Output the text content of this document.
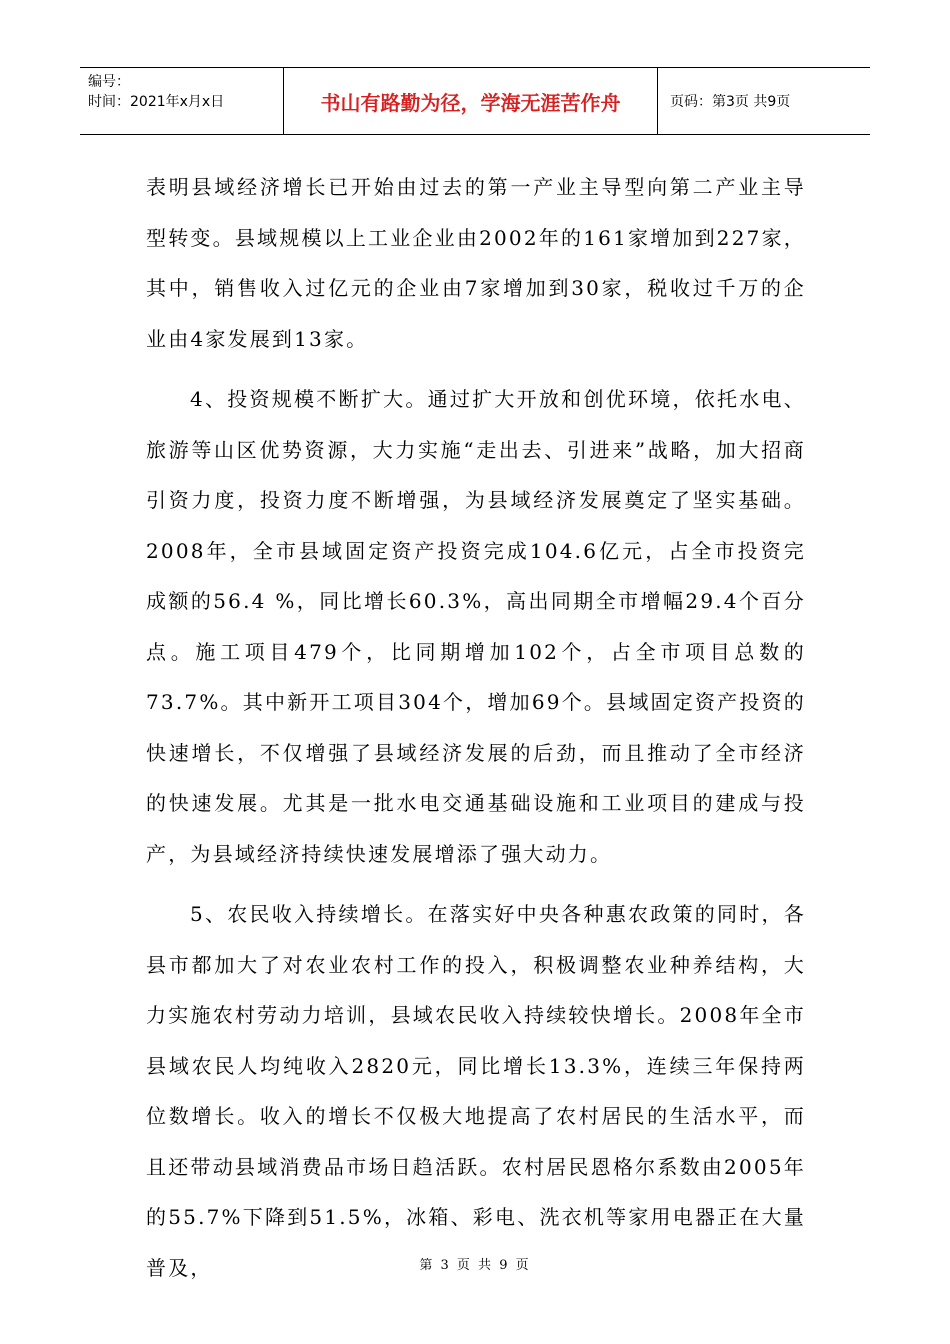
编号：
时间：2021年x月x日	书山有路勤为径，学海无涯苦作舟	页码：第3页 共9页

表明县域经济增长已开始由过去的第一产业主导型向第二产业主导型转变。县域规模以上工业企业由2002年的161家增加到227家，其中，销售收入过亿元的企业由7家增加到30家，税收过千万的企业由4家发展到13家。

4、投资规模不断扩大。通过扩大开放和创优环境，依托水电、旅游等山区优势资源，大力实施“走出去、引进来”战略，加大招商引资力度，投资力度不断增强，为县域经济发展奠定了坚实基础。2008年，全市县域固定资产投资完成104.6亿元，占全市投资完成额的56.4 %，同比增长60.3%，高出同期全市增幅29.4个百分点。施工项目479个，比同期增加102个，占全市项目总数的73.7%。其中新开工项目304个，增加69个。县域固定资产投资的快速增长，不仅增强了县域经济发展的后劲，而且推动了全市经济的快速发展。尤其是一批水电交通基础设施和工业项目的建成与投产，为县域经济持续快速发展增添了强大动力。

5、农民收入持续增长。在落实好中央各种惠农政策的同时，各县市都加大了对农业农村工作的投入，积极调整农业种养结构，大力实施农村劳动力培训，县域农民收入持续较快增长。2008年全市县域农民人均纯收入2820元，同比增长13.3%，连续三年保持两位数增长。收入的增长不仅极大地提高了农村居民的生活水平，而且还带动县域消费品市场日趋活跃。农村居民恩格尔系数由2005年的55.7%下降到51.5%，冰箱、彩电、洗衣机等家用电器正在大量普及，	第 3 页 共 9 页
